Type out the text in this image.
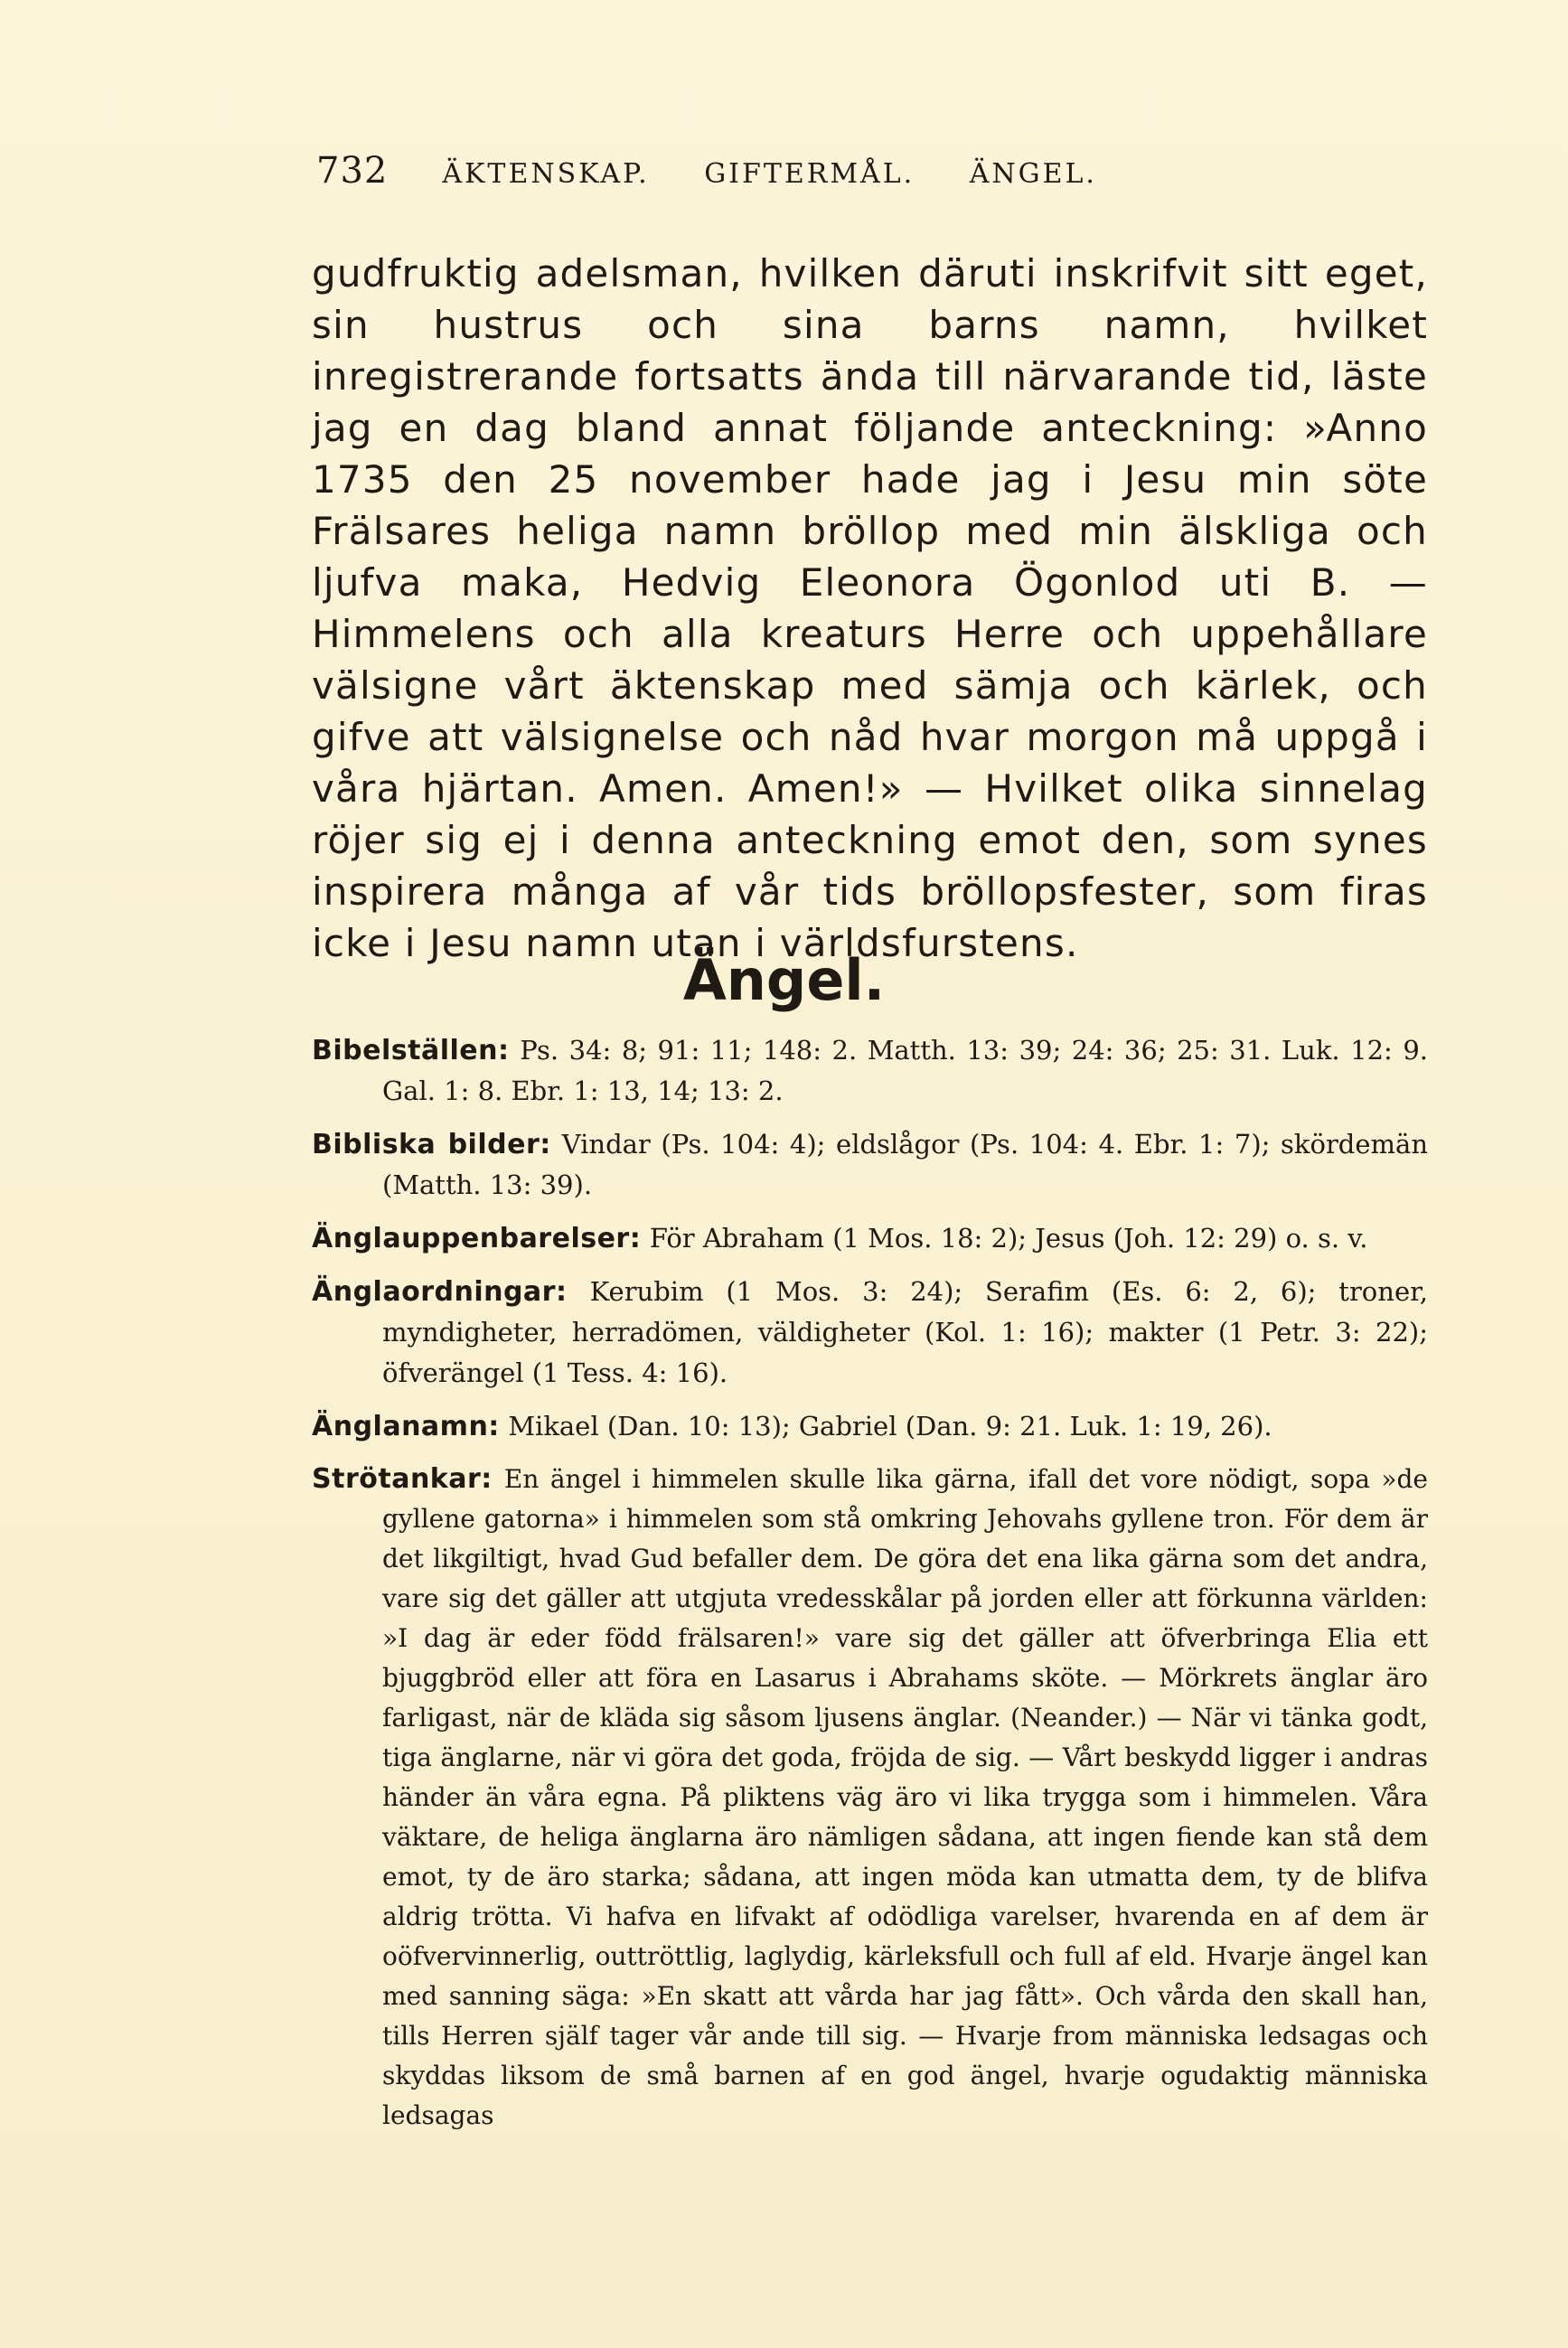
732 ÄKTENSKAP. GIFTERMÅL. ÄNGEL.

gudfruktig adelsman, hvilken däruti inskrifvit sitt eget, sin hustrus och sina barns namn, hvilket inregistrerande fortsatts ända till närvarande tid, läste jag en dag bland annat följande anteckning: »Anno 1735 den 25 november hade jag i Jesu min söte Frälsares heliga namn bröllop med min älskliga och ljufva maka, Hedvig Eleonora Ögonlod uti B. — Himmelens och alla kreaturs Herre och uppehållare välsigne vårt äktenskap med sämja och kärlek, och gifve att välsignelse och nåd hvar morgon må uppgå i våra hjärtan. Amen. Amen!» — Hvilket olika sinnelag röjer sig ej i denna anteckning emot den, som synes inspirera många af vår tids bröllopsfester, som firas icke i Jesu namn utan i världsfurstens.

Ängel.
Bibelställen: Ps. 34: 8; 91: 11; 148: 2. Matth. 13: 39; 24: 36; 25: 31. Luk. 12: 9. Gal. 1: 8. Ebr. 1: 13, 14; 13: 2.
Bibliska bilder: Vindar (Ps. 104: 4); eldslågor (Ps. 104: 4. Ebr. 1: 7); skördemän (Matth. 13: 39).
Änglauppenbarelser: För Abraham (1 Mos. 18: 2); Jesus (Joh. 12: 29) o. s. v.
Änglaordningar: Kerubim (1 Mos. 3: 24); Serafim (Es. 6: 2, 6); troner, myndigheter, herradömen, väldigheter (Kol. 1: 16); makter (1 Petr. 3: 22); öfverängel (1 Tess. 4: 16).
Änglanamn: Mikael (Dan. 10: 13); Gabriel (Dan. 9: 21. Luk. 1: 19, 26).
Strötankar: En ängel i himmelen skulle lika gärna, ifall det vore nödigt, sopa »de gyllene gatorna» i himmelen som stå omkring Jehovahs gyllene tron. För dem är det likgiltigt, hvad Gud befaller dem. De göra det ena lika gärna som det andra, vare sig det gäller att utgjuta vredesskålar på jorden eller att förkunna världen: »I dag är eder född frälsaren!» vare sig det gäller att öfverbringa Elia ett bjuggbröd eller att föra en Lasarus i Abrahams sköte. — Mörkrets änglar äro farligast, när de kläda sig såsom ljusens änglar. (Neander.) — När vi tänka godt, tiga änglarne, när vi göra det goda, fröjda de sig. — Vårt beskydd ligger i andras händer än våra egna. På pliktens väg äro vi lika trygga som i himmelen. Våra väktare, de heliga änglarna äro nämligen sådana, att ingen fiende kan stå dem emot, ty de äro starka; sådana, att ingen möda kan utmatta dem, ty de blifva aldrig trötta. Vi hafva en lifvakt af odödliga varelser, hvarenda en af dem är oöfvervinnerlig, outtröttlig, laglydig, kärleksfull och full af eld. Hvarje ängel kan med sanning säga: »En skatt att vårda har jag fått». Och vårda den skall han, tills Herren själf tager vår ande till sig. — Hvarje from människa ledsagas och skyddas liksom de små barnen af en god ängel, hvarje ogudaktig människa ledsagas
